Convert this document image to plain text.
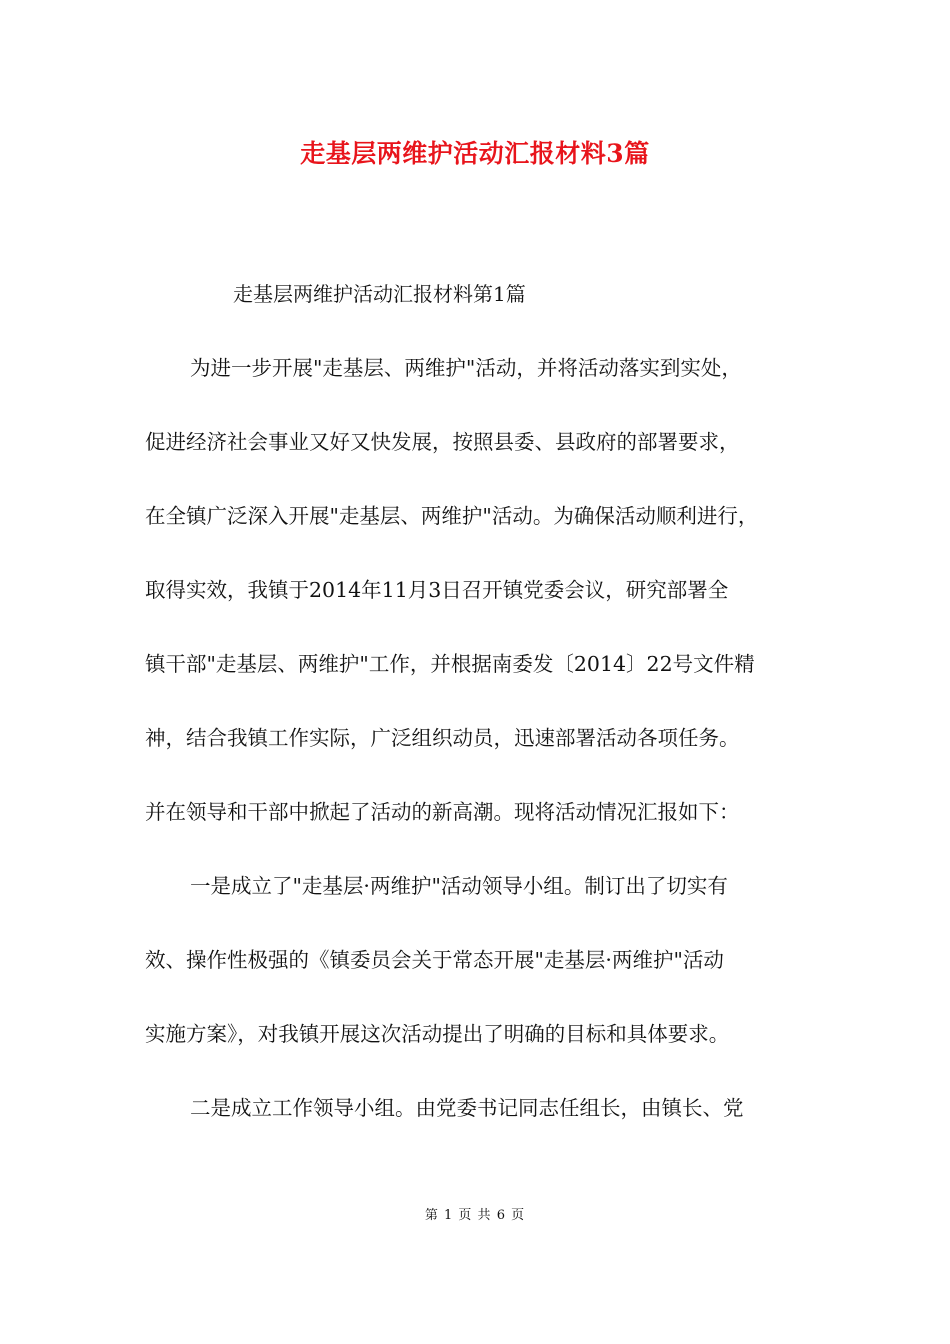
走基层两维护活动汇报材料3篇

走基层两维护活动汇报材料第1篇

为进一步开展"走基层、两维护"活动，并将活动落实到实处，

促进经济社会事业又好又快发展，按照县委、县政府的部署要求，

在全镇广泛深入开展"走基层、两维护"活动。为确保活动顺利进行，

取得实效，我镇于2014年11月3日召开镇党委会议，研究部署全

镇干部"走基层、两维护"工作，并根据南委发〔2014〕22号文件精

神，结合我镇工作实际，广泛组织动员，迅速部署活动各项任务。

并在领导和干部中掀起了活动的新高潮。现将活动情况汇报如下：

一是成立了"走基层·两维护"活动领导小组。制订出了切实有

效、操作性极强的《镇委员会关于常态开展"走基层·两维护"活动

实施方案》，对我镇开展这次活动提出了明确的目标和具体要求。

二是成立工作领导小组。由党委书记同志任组长，由镇长、党

第 1 页 共 6 页
